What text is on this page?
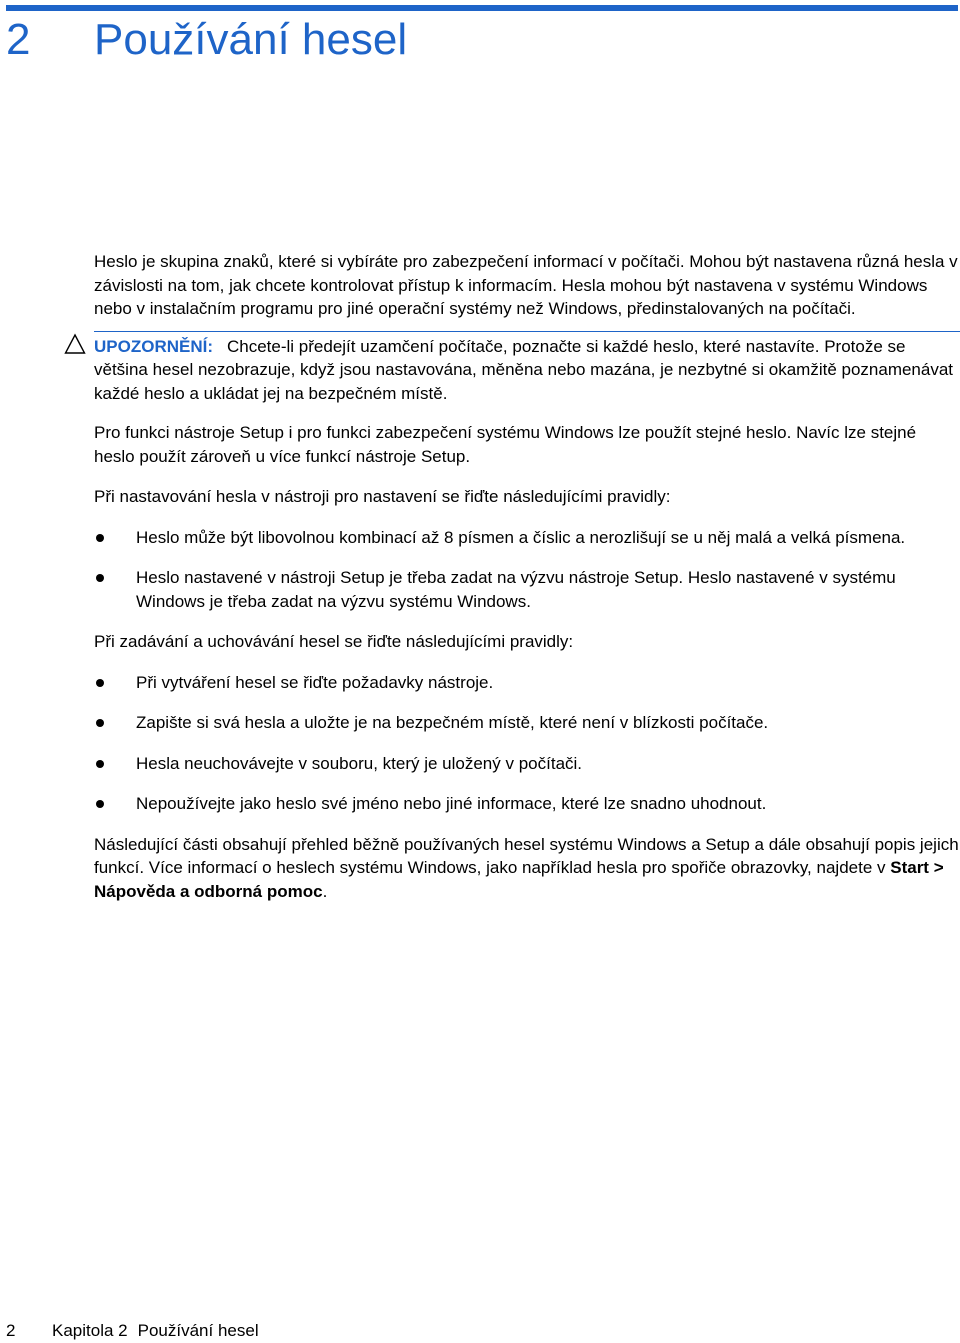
2 Používání hesel

Heslo je skupina znaků, které si vybíráte pro zabezpečení informací v počítači. Mohou být nastavena různá hesla v závislosti na tom, jak chcete kontrolovat přístup k informacím. Hesla mohou být nastavena v systému Windows nebo v instalačním programu pro jiné operační systémy než Windows, předinstalovaných na počítači.

UPOZORNĚNÍ: Chcete-li předejít uzamčení počítače, poznačte si každé heslo, které nastavíte. Protože se většina hesel nezobrazuje, když jsou nastavována, měněna nebo mazána, je nezbytné si okamžitě poznamenávat každé heslo a ukládat jej na bezpečném místě.

Pro funkci nástroje Setup i pro funkci zabezpečení systému Windows lze použít stejné heslo. Navíc lze stejné heslo použít zároveň u více funkcí nástroje Setup.

Při nastavování hesla v nástroji pro nastavení se řiďte následujícími pravidly:

Heslo může být libovolnou kombinací až 8 písmen a číslic a nerozlišují se u něj malá a velká písmena.
Heslo nastavené v nástroji Setup je třeba zadat na výzvu nástroje Setup. Heslo nastavené v systému Windows je třeba zadat na výzvu systému Windows.

Při zadávání a uchovávání hesel se řiďte následujícími pravidly:

Při vytváření hesel se řiďte požadavky nástroje.
Zapište si svá hesla a uložte je na bezpečném místě, které není v blízkosti počítače.
Hesla neuchovávejte v souboru, který je uložený v počítači.
Nepoužívejte jako heslo své jméno nebo jiné informace, které lze snadno uhodnout.

Následující části obsahují přehled běžně používaných hesel systému Windows a Setup a dále obsahují popis jejich funkcí. Více informací o heslech systému Windows, jako například hesla pro spořiče obrazovky, najdete v Start > Nápověda a odborná pomoc.

2 Kapitola 2 Používání hesel
